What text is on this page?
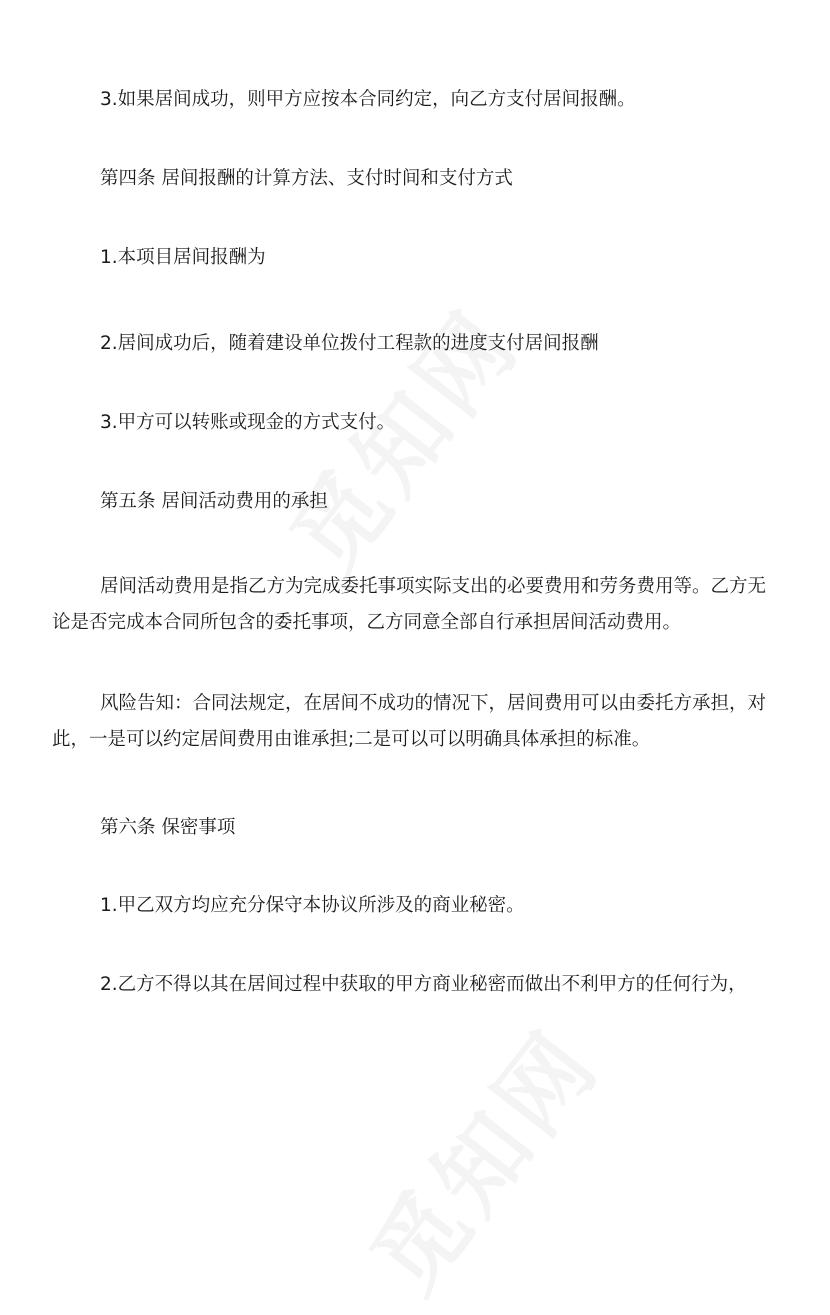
3.如果居间成功，则甲方应按本合同约定，向乙方支付居间报酬。

第四条 居间报酬的计算方法、支付时间和支付方式

1.本项目居间报酬为

2.居间成功后，随着建设单位拨付工程款的进度支付居间报酬

3.甲方可以转账或现金的方式支付。

第五条 居间活动费用的承担

居间活动费用是指乙方为完成委托事项实际支出的必要费用和劳务费用等。乙方无论是否完成本合同所包含的委托事项，乙方同意全部自行承担居间活动费用。

风险告知：合同法规定，在居间不成功的情况下，居间费用可以由委托方承担，对此，一是可以约定居间费用由谁承担;二是可以可以明确具体承担的标准。

第六条 保密事项

1.甲乙双方均应充分保守本协议所涉及的商业秘密。

2.乙方不得以其在居间过程中获取的甲方商业秘密而做出不利甲方的任何行为，
